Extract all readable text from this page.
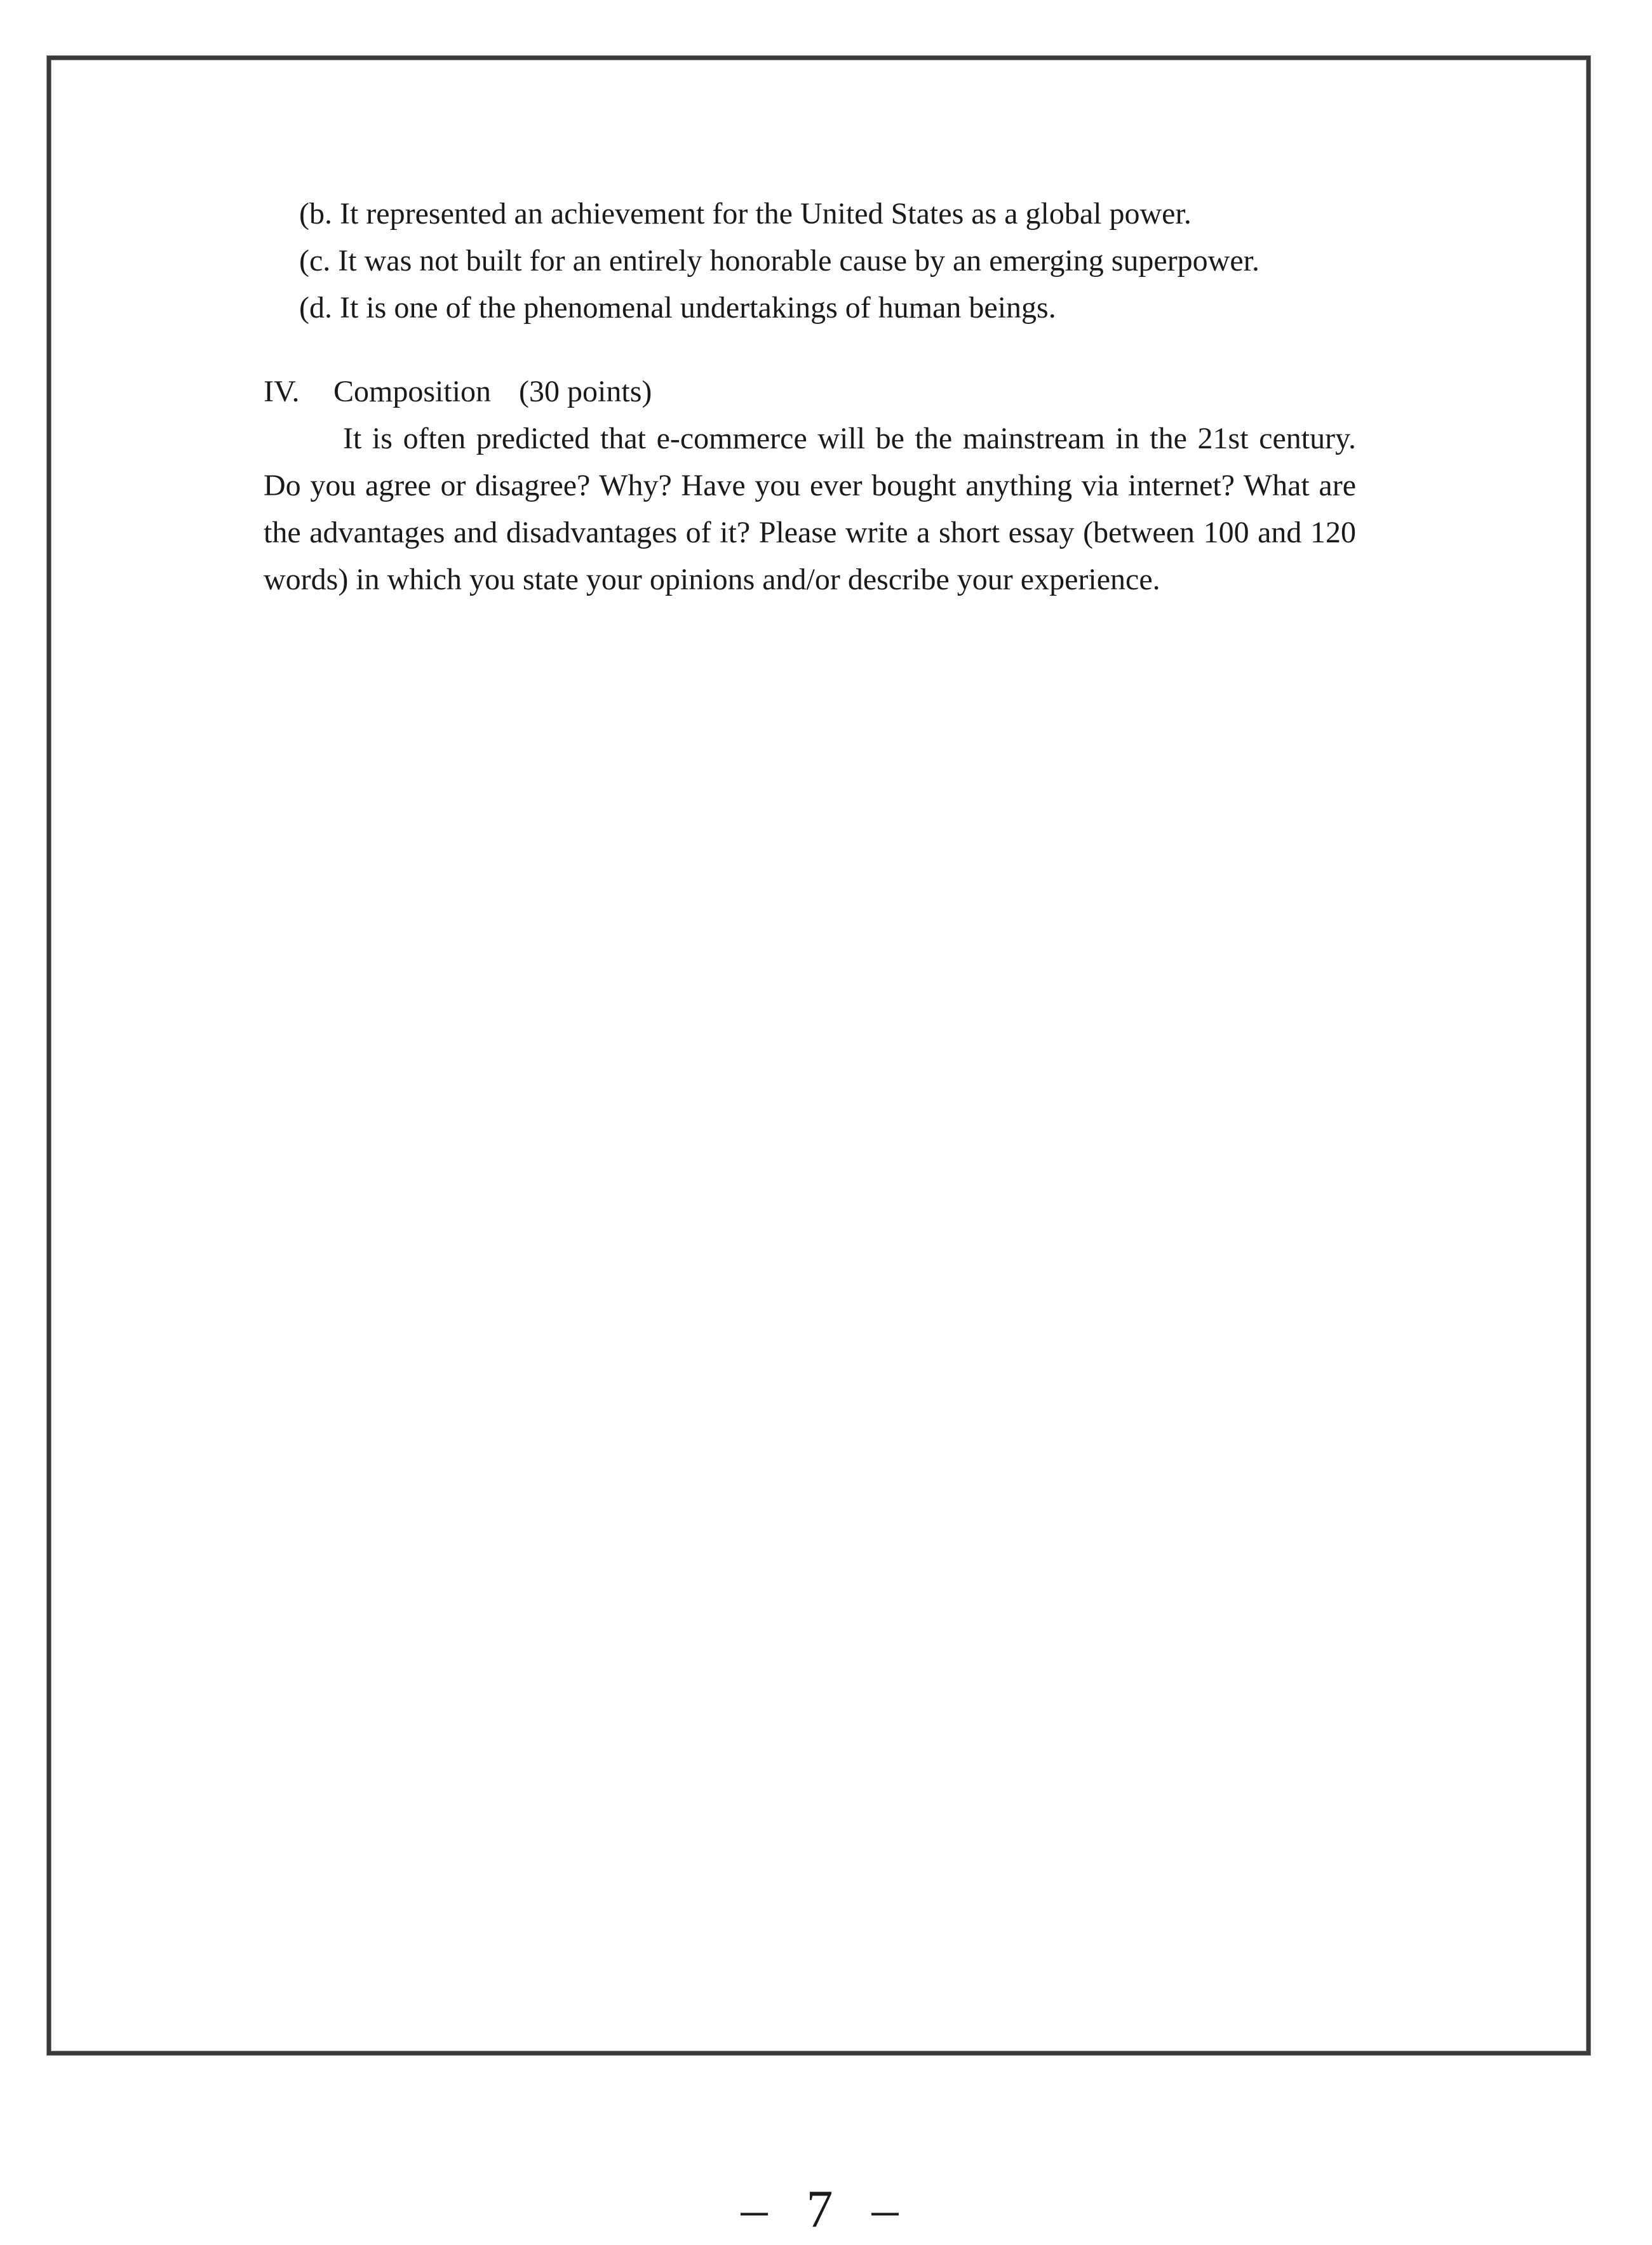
(b. It represented an achievement for the United States as a global power.
(c. It was not built for an entirely honorable cause by an emerging superpower.
(d. It is one of the phenomenal undertakings of human beings.
IV. Composition (30 points)

It is often predicted that e-commerce will be the mainstream in the 21st century. Do you agree or disagree? Why? Have you ever bought anything via internet? What are the advantages and disadvantages of it? Please write a short essay (between 100 and 120 words) in which you state your opinions and/or describe your experience.

– 7 –
